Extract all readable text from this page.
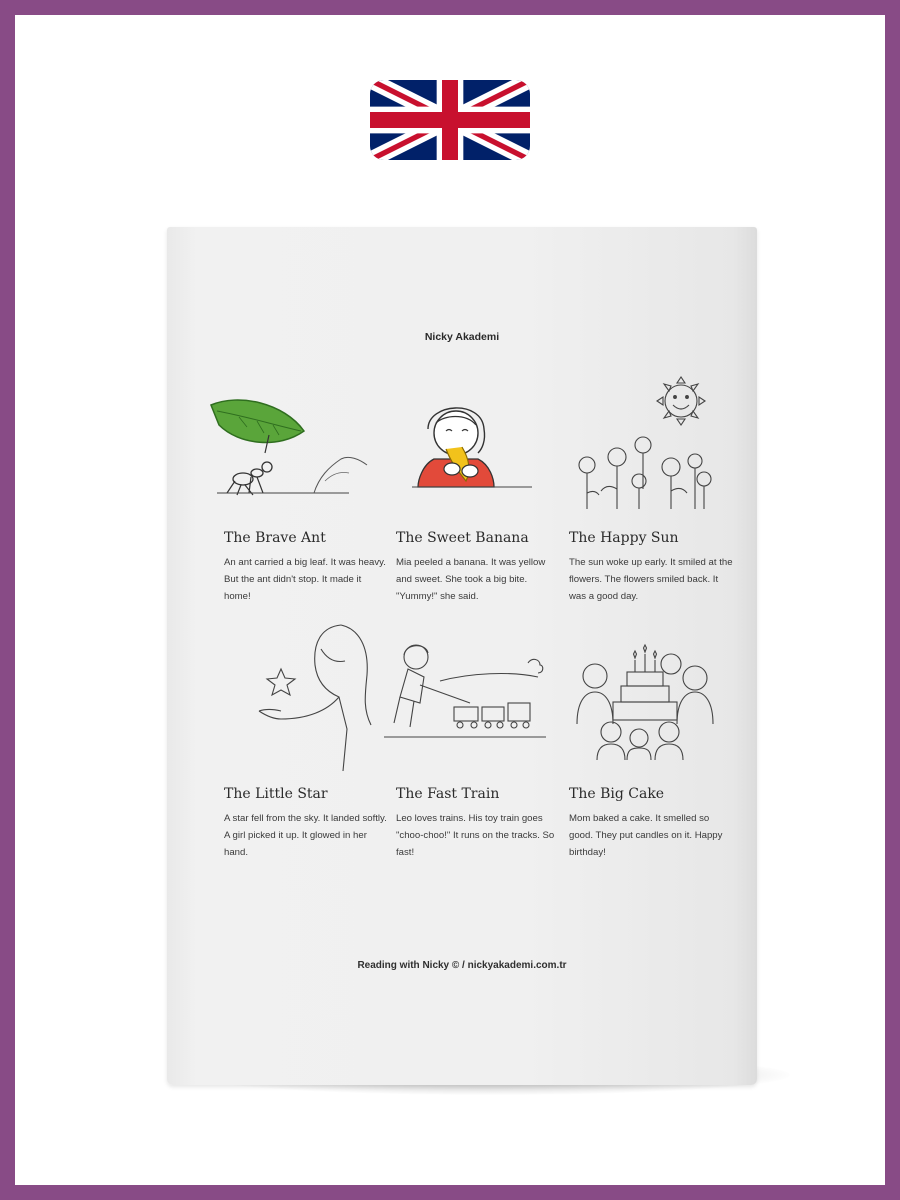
Nicky Akademi
The Brave Ant
An ant carried a big leaf. It was heavy. But the ant didn't stop. It made it home!
The Sweet Banana
Mia peeled a banana. It was yellow and sweet. She took a big bite. "Yummy!" she said.
The Happy Sun
The sun woke up early. It smiled at the flowers. The flowers smiled back. It was a good day.
The Little Star
A star fell from the sky. It landed softly. A girl picked it up. It glowed in her hand.
The Fast Train
Leo loves trains. His toy train goes "choo-choo!" It runs on the tracks. So fast!
The Big Cake
Mom baked a cake. It smelled so good. They put candles on it. Happy birthday!
Reading with Nicky © / nickyakademi.com.tr
